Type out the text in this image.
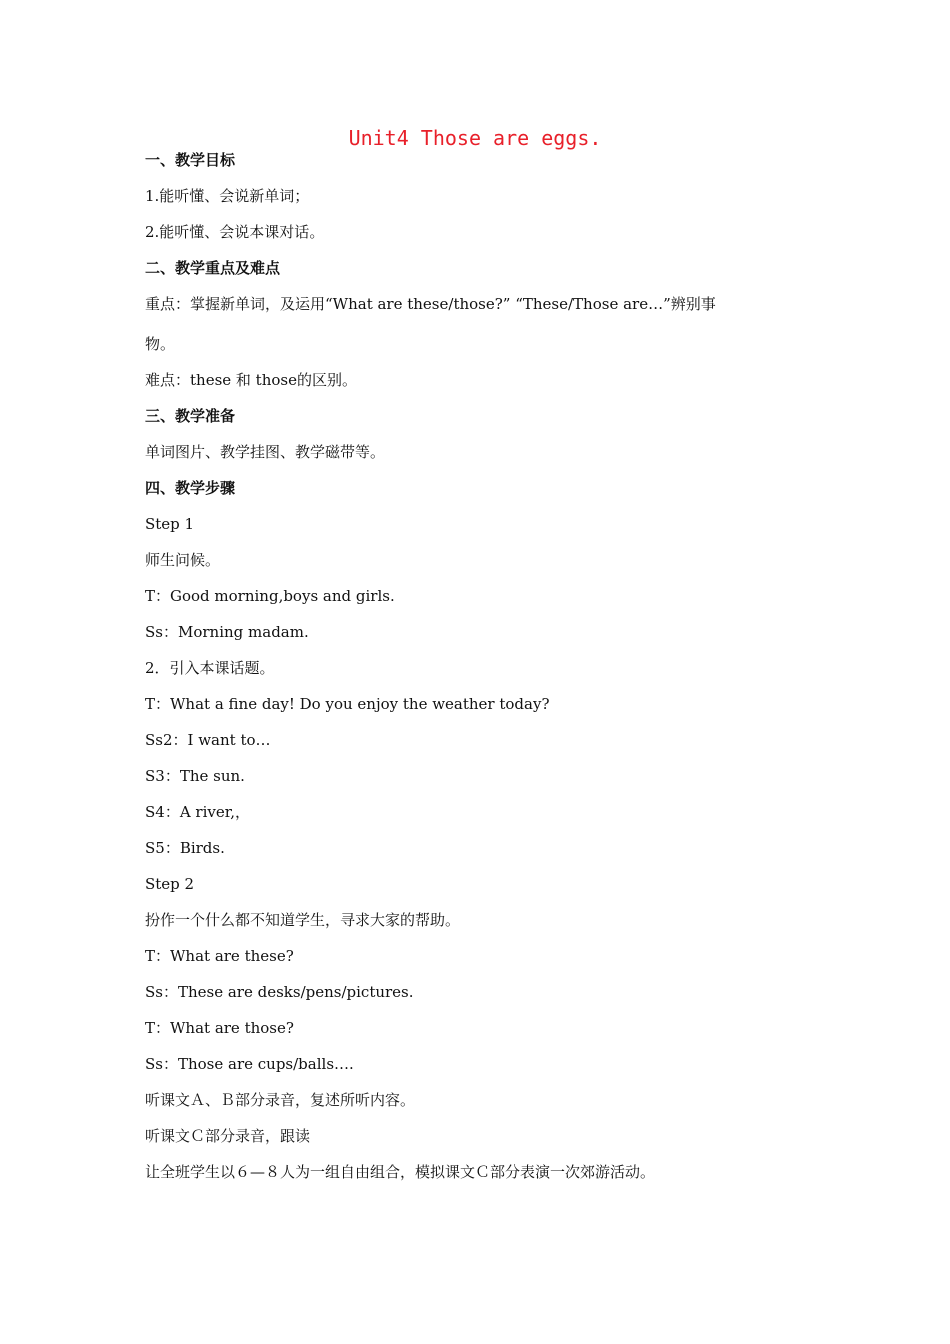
Unit4 Those are eggs.
一、教学目标
1.能听懂、会说新单词；
2.能听懂、会说本课对话。
二、教学重点及难点
重点：掌握新单词，及运用“What are these/those?” “These/Those are…”辨别事
物。
难点：these 和 those的区别。
三、教学准备
单词图片、教学挂图、教学磁带等。
四、教学步骤
Step 1
师生问候。
T：Good morning,boys and girls.
Ss：Morning madam.
2．引入本课话题。
T：What a fine day! Do you enjoy the weather today?
Ss2：I want to…
S3：The sun.
S4：A river,，
S5：Birds.
Step 2
扮作一个什么都不知道学生，寻求大家的帮助。
T：What are these?
Ss：These are desks/pens/pictures.
T：What are those?
Ss：Those are cups/balls….
听课文Ａ、Ｂ部分录音，复述所听内容。
听课文Ｃ部分录音，跟读
让全班学生以６—８人为一组自由组合，模拟课文Ｃ部分表演一次郊游活动。
